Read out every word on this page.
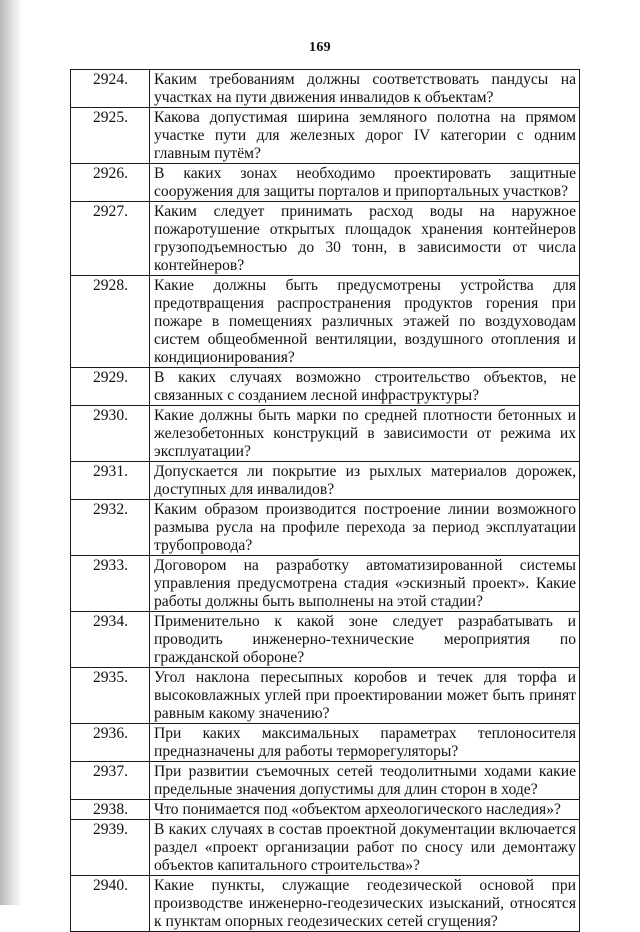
169
2924.	Каким требованиям должны соответствовать пандусы на участках на пути движения инвалидов к объектам?
2925.	Какова допустимая ширина земляного полотна на прямом участке пути для железных дорог IV категории с одним главным путём?
2926.	В каких зонах необходимо проектировать защитные сооружения для защиты порталов и припортальных участков?
2927.	Каким следует принимать расход воды на наружное пожаротушение открытых площадок хранения контейнеров грузоподъемностью до 30 тонн, в зависимости от числа контейнеров?
2928.	Какие должны быть предусмотрены устройства для предотвращения распространения продуктов горения при пожаре в помещениях различных этажей по воздуховодам систем общеобменной вентиляции, воздушного отопления и кондиционирования?
2929.	В каких случаях возможно строительство объектов, не связанных с созданием лесной инфраструктуры?
2930.	Какие должны быть марки по средней плотности бетонных и железобетонных конструкций в зависимости от режима их эксплуатации?
2931.	Допускается ли покрытие из рыхлых материалов дорожек, доступных для инвалидов?
2932.	Каким образом производится построение линии возможного размыва русла на профиле перехода за период эксплуатации трубопровода?
2933.	Договором на разработку автоматизированной системы управления предусмотрена стадия «эскизный проект». Какие работы должны быть выполнены на этой стадии?
2934.	Применительно к какой зоне следует разрабатывать и проводить инженерно-технические мероприятия по гражданской обороне?
2935.	Угол наклона пересыпных коробов и течек для торфа и высоковлажных углей при проектировании может быть принят равным какому значению?
2936.	При каких максимальных параметрах теплоносителя предназначены для работы терморегуляторы?
2937.	При развитии съемочных сетей теодолитными ходами какие предельные значения допустимы для длин сторон в ходе?
2938.	Что понимается под «объектом археологического наследия»?
2939.	В каких случаях в состав проектной документации включается раздел «проект организации работ по сносу или демонтажу объектов капитального строительства»?
2940.	Какие пункты, служащие геодезической основой при производстве инженерно-геодезических изысканий, относятся к пунктам опорных геодезических сетей сгущения?
